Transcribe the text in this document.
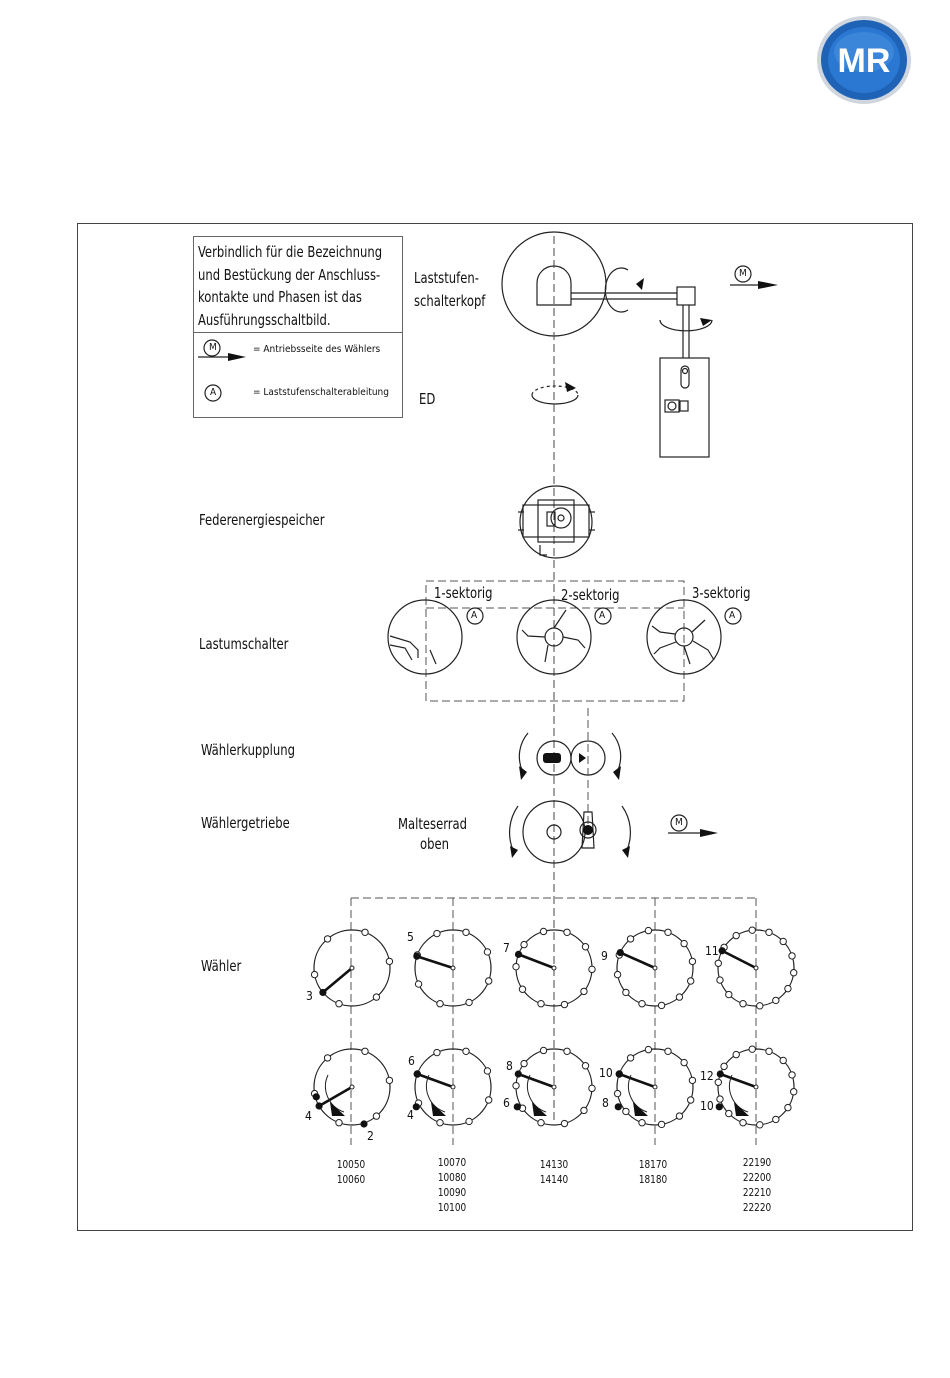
MR
Verbindlich für die Bezeichnung
und Bestückung der Anschluss-
kontakte und Phasen ist das
Ausführungsschaltbild.
M	= Antriebsseite des Wählers
A	= Laststufenschalterableitung
Laststufen-
schalterkopf
ED
M
Federenergiespeicher
Lastumschalter
1-sektorig	2-sektorig	3-sektorig
A	A	A
Wählerkupplung
Wählergetriebe	Malteserrad
oben
M
Wähler
3
4
2
5
6
4
7
8
6
9
10
8
11
12
10
10050
10060
10070
10080
10090
10100
14130
14140
18170
18180
22190
22200
22210
22220
